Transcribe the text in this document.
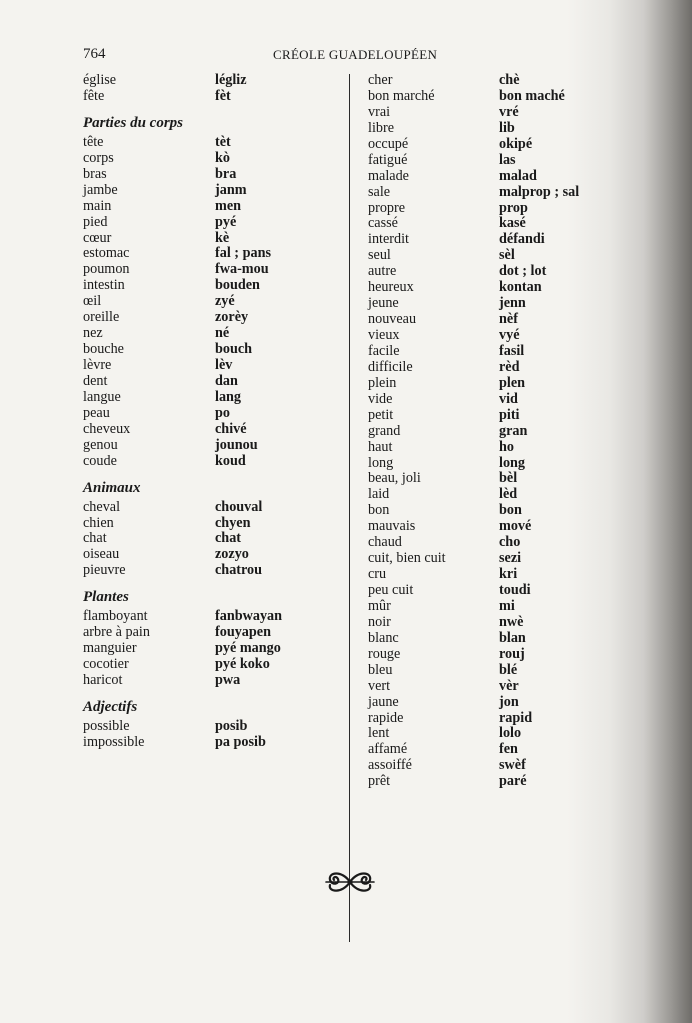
764	CRÉOLE GUADELOUPÉEN
église	légliz
fête	fèt
Parties du corps
tête	tèt
corps	kò
bras	bra
jambe	janm
main	men
pied	pyé
cœur	kè
estomac	fal ; pans
poumon	fwa-mou
intestin	bouden
œil	zyé
oreille	zorèy
nez	né
bouche	bouch
lèvre	lèv
dent	dan
langue	lang
peau	po
cheveux	chivé
genou	jounou
coude	koud
Animaux
cheval	chouval
chien	chyen
chat	chat
oiseau	zozyo
pieuvre	chatrou
Plantes
flamboyant	fanbwayan
arbre à pain	fouyapen
manguier	pyé mango
cocotier	pyé koko
haricot	pwa
Adjectifs
possible	posib
impossible	pa posib
cher	chè
bon marché	bon maché
vrai	vré
libre	lib
occupé	okipé
fatigué	las
malade	malad
sale	malprop ; sal
propre	prop
cassé	kasé
interdit	défandi
seul	sèl
autre	dot ; lot
heureux	kontan
jeune	jenn
nouveau	nèf
vieux	vyé
facile	fasil
difficile	rèd
plein	plen
vide	vid
petit	piti
grand	gran
haut	ho
long	long
beau, joli	bèl
laid	lèd
bon	bon
mauvais	mové
chaud	cho
cuit, bien cuit	sezi
cru	kri
peu cuit	toudi
mûr	mi
noir	nwè
blanc	blan
rouge	rouj
bleu	blé
vert	vèr
jaune	jon
rapide	rapid
lent	lolo
affamé	fen
assoiffé	swèf
prêt	paré
